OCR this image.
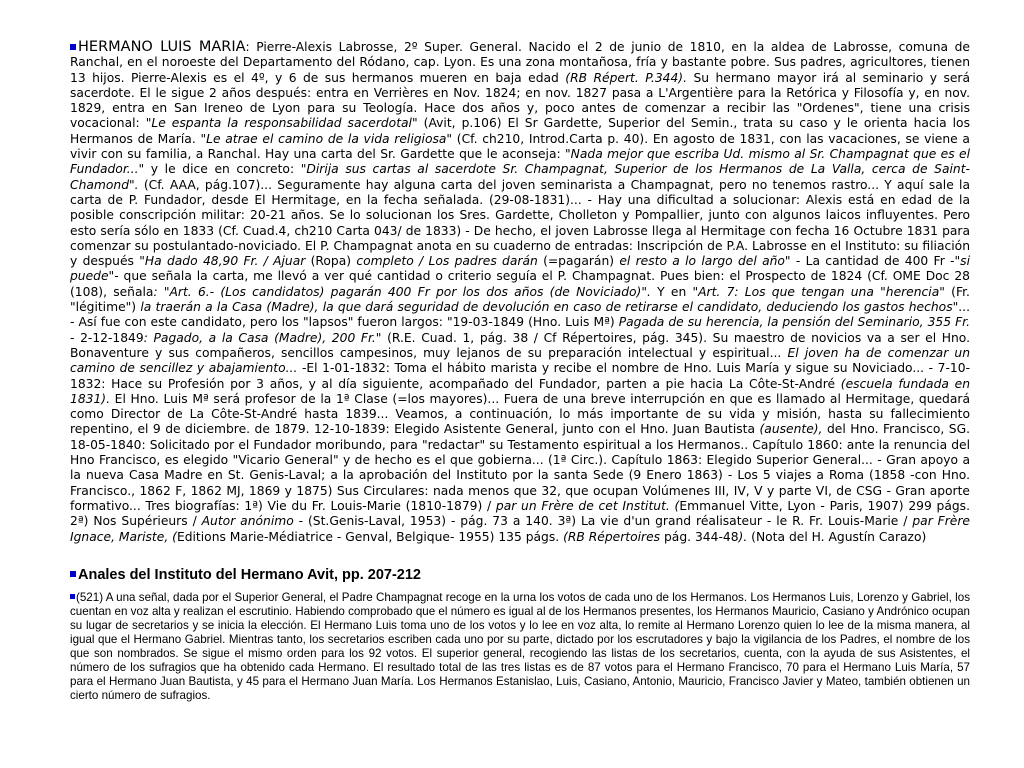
HERMANO LUIS MARIA: Pierre-Alexis Labrosse, 2º Super. General. Nacido el 2 de junio de 1810, en la aldea de Labrosse, comuna de Ranchal, en el noroeste del Departamento del Ródano, cap. Lyon. Es una zona montañosa, fría y bastante pobre. Sus padres, agricultores, tienen 13 hijos. Pierre-Alexis es el 4º, y 6 de sus hermanos mueren en baja edad (RB Répert. P.344). Su hermano mayor irá al seminario y será sacerdote. El le sigue 2 años después: entra en Verrières en Nov. 1824; en nov. 1827 pasa a L'Argentière para la Retórica y Filosofía y, en nov. 1829, entra en San Ireneo de Lyon para su Teología. Hace dos años y, poco antes de comenzar a recibir las "Ordenes", tiene una crisis vocacional: "Le espanta la responsabilidad sacerdotal" (Avit, p.106) El Sr Gardette, Superior del Semin., trata su caso y le orienta hacia los Hermanos de María. "Le atrae el camino de la vida religiosa" (Cf. ch210, Introd.Carta p. 40). En agosto de 1831, con las vacaciones, se viene a vivir con su familia, a Ranchal. Hay una carta del Sr. Gardette que le aconseja: "Nada mejor que escriba Ud. mismo al Sr. Champagnat que es el Fundador..." y le dice en concreto: "Dirija sus cartas al sacerdote Sr. Champagnat, Superior de los Hermanos de La Valla, cerca de Saint-Chamond". (Cf. AAA, pág.107)... Seguramente hay alguna carta del joven seminarista a Champagnat, pero no tenemos rastro... Y aquí sale la carta de P. Fundador, desde El Hermitage, en la fecha señalada. (29-08-1831)... - Hay una dificultad a solucionar: Alexis está en edad de la posible conscripción militar: 20-21 años. Se lo solucionan los Sres. Gardette, Cholleton y Pompallier, junto con algunos laicos influyentes. Pero esto sería sólo en 1833 (Cf. Cuad.4, ch210 Carta 043/ de 1833) - De hecho, el joven Labrosse llega al Hermitage con fecha 16 Octubre 1831 para comenzar su postulantado-noviciado. El P. Champagnat anota en su cuaderno de entradas: Inscripción de P.A. Labrosse en el Instituto: su filiación y después "Ha dado 48,90 Fr. / Ajuar (Ropa) completo / Los padres darán (=pagarán) el resto a lo largo del año" - La cantidad de 400 Fr -"si puede"- que señala la carta, me llevó a ver qué cantidad o criterio seguía el P. Champagnat. Pues bien: el Prospecto de 1824 (Cf. OME Doc 28 (108), señala: "Art. 6.- (Los candidatos) pagarán 400 Fr por los dos años (de Noviciado)". Y en "Art. 7: Los que tengan una "herencia" (Fr. "légitime") la traerán a la Casa (Madre), la que dará seguridad de devolución en caso de retirarse el candidato, deduciendo los gastos hechos"... - Así fue con este candidato, pero los "lapsos" fueron largos: "19-03-1849 (Hno. Luis Mª) Pagada de su herencia, la pensión del Seminario, 355 Fr. - 2-12-1849: Pagado, a la Casa (Madre), 200 Fr." (R.E. Cuad. 1, pág. 38 / Cf Répertoires, pág. 345). Su maestro de novicios va a ser el Hno. Bonaventure y sus compañeros, sencillos campesinos, muy lejanos de su preparación intelectual y espiritual... El joven ha de comenzar un camino de sencillez y abajamiento... -El 1-01-1832: Toma el hábito marista y recibe el nombre de Hno. Luis María y sigue su Noviciado... - 7-10-1832: Hace su Profesión por 3 años, y al día siguiente, acompañado del Fundador, parten a pie hacia La Côte-St-André (escuela fundada en 1831). El Hno. Luis Mª será profesor de la 1ª Clase (=los mayores)... Fuera de una breve interrupción en que es llamado al Hermitage, quedará como Director de La Côte-St-André hasta 1839... Veamos, a continuación, lo más importante de su vida y misión, hasta su fallecimiento repentino, el 9 de diciembre. de 1879. 12-10-1839: Elegido Asistente General, junto con el Hno. Juan Bautista (ausente), del Hno. Francisco, SG. 18-05-1840: Solicitado por el Fundador moribundo, para "redactar" su Testamento espiritual a los Hermanos.. Capítulo 1860: ante la renuncia del Hno Francisco, es elegido "Vicario General" y de hecho es el que gobierna... (1ª Circ.). Capítulo 1863: Elegido Superior General... - Gran apoyo a la nueva Casa Madre en St. Genis-Laval; a la aprobación del Instituto por la santa Sede (9 Enero 1863) - Los 5 viajes a Roma (1858 -con Hno. Francisco., 1862 F, 1862 MJ, 1869 y 1875) Sus Circulares: nada menos que 32, que ocupan Volúmenes III, IV, V y parte VI, de CSG - Gran aporte formativo... Tres biografías: 1ª) Vie du Fr. Louis-Marie (1810-1879) / par un Frère de cet Institut. (Emmanuel Vitte, Lyon - Paris, 1907) 299 págs. 2ª) Nos Supérieurs / Autor anónimo - (St.Genis-Laval, 1953) - pág. 73 a 140. 3ª) La vie d'un grand réalisateur - le R. Fr. Louis-Marie / par Frère Ignace, Mariste, (Editions Marie-Médiatrice - Genval, Belgique- 1955) 135 págs. (RB Répertoires pág. 344-48). (Nota del H. Agustín Carazo)

Anales del Instituto del Hermano Avit, pp. 207-212

(521) A una señal, dada por el Superior General, el Padre Champagnat recoge en la urna los votos de cada uno de los Hermanos. Los Hermanos Luis, Lorenzo y Gabriel, los cuentan en voz alta y realizan el escrutinio. Habiendo comprobado que el número es igual al de los Hermanos presentes, los Hermanos Mauricio, Casiano y Andrónico ocupan su lugar de secretarios y se inicia la elección. El Hermano Luis toma uno de los votos y lo lee en voz alta, lo remite al Hermano Lorenzo quien lo lee de la misma manera, al igual que el Hermano Gabriel. Mientras tanto, los secretarios escriben cada uno por su parte, dictado por los escrutadores y bajo la vigilancia de los Padres, el nombre de los que son nombrados. Se sigue el mismo orden para los 92 votos. El superior general, recogiendo las listas de los secretarios, cuenta, con la ayuda de sus Asistentes, el número de los sufragios que ha obtenido cada Hermano. El resultado total de las tres listas es de 87 votos para el Hermano Francisco, 70 para el Hermano Luis María, 57 para el Hermano Juan Bautista, y 45 para el Hermano Juan María. Los Hermanos Estanislao, Luis, Casiano, Antonio, Mauricio, Francisco Javier y Mateo, también obtienen un cierto número de sufragios.
